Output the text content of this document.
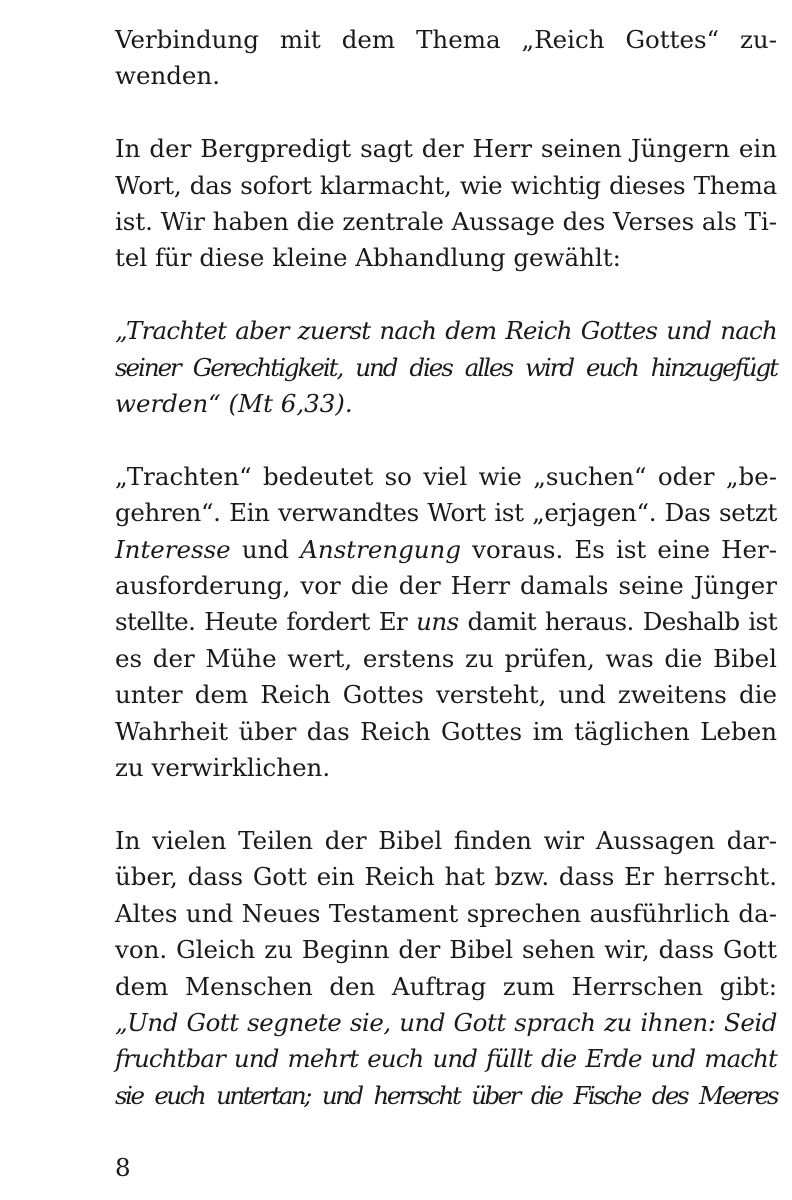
Verbindung mit dem Thema „Reich Gottes“ zu-
wenden.
In der Bergpredigt sagt der Herr seinen Jüngern ein
Wort, das sofort klarmacht, wie wichtig dieses Thema
ist. Wir haben die zentrale Aussage des Verses als Ti-
tel für diese kleine Abhandlung gewählt:
„Trachtet aber zuerst nach dem Reich Gottes und nach
seiner Gerechtigkeit, und dies alles wird euch hinzugefügt
werden“ (Mt 6,33).
„Trachten“ bedeutet so viel wie „suchen“ oder „be-
gehren“. Ein verwandtes Wort ist „erjagen“. Das setzt
Interesse und Anstrengung voraus. Es ist eine Her-
ausforderung, vor die der Herr damals seine Jünger
stellte. Heute fordert Er uns damit heraus. Deshalb ist
es der Mühe wert, erstens zu prüfen, was die Bibel
unter dem Reich Gottes versteht, und zweitens die
Wahrheit über das Reich Gottes im täglichen Leben
zu verwirklichen.
In vielen Teilen der Bibel finden wir Aussagen dar-
über, dass Gott ein Reich hat bzw. dass Er herrscht.
Altes und Neues Testament sprechen ausführlich da-
von. Gleich zu Beginn der Bibel sehen wir, dass Gott
dem Menschen den Auftrag zum Herrschen gibt:
„Und Gott segnete sie, und Gott sprach zu ihnen: Seid
fruchtbar und mehrt euch und füllt die Erde und macht
sie euch untertan; und herrscht über die Fische des Meeres
8
